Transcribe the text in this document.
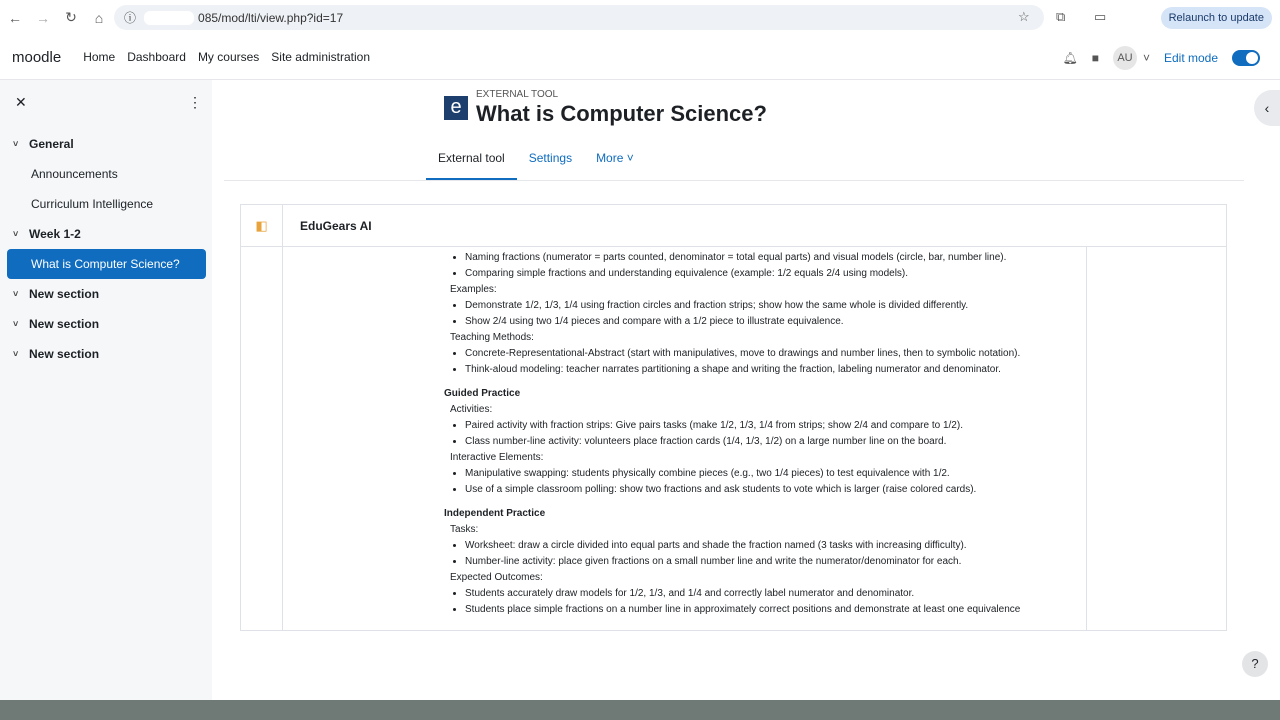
←	→	↻	⌂	ⓘ	085/mod/lti/view.php?id=17	☆ ⧉ ▭	Relaunch to update
moodle Home Dashboard My courses Site administration	🔔︎ ■	AU ˅ Edit mode
✕	⋮
˅ General
Announcements
Curriculum Intelligence
˅ Week 1-2
What is Computer Science?
˅ New section
˅ New section
˅ New section
e
EXTERNAL TOOL
What is Computer Science?
External tool	Settings	More ˅
‹
◧	EduGears AI
• Naming fractions (numerator = parts counted, denominator = total equal parts) and visual models (circle, bar, number line).
• Comparing simple fractions and understanding equivalence (example: 1/2 equals 2/4 using models).
Examples:
• Demonstrate 1/2, 1/3, 1/4 using fraction circles and fraction strips; show how the same whole is divided differently.
• Show 2/4 using two 1/4 pieces and compare with a 1/2 piece to illustrate equivalence.
Teaching Methods:
• Concrete-Representational-Abstract (start with manipulatives, move to drawings and number lines, then to symbolic notation).
• Think-aloud modeling: teacher narrates partitioning a shape and writing the fraction, labeling numerator and denominator.
Guided Practice
Activities:
• Paired activity with fraction strips: Give pairs tasks (make 1/2, 1/3, 1/4 from strips; show 2/4 and compare to 1/2).
• Class number-line activity: volunteers place fraction cards (1/4, 1/3, 1/2) on a large number line on the board.
Interactive Elements:
• Manipulative swapping: students physically combine pieces (e.g., two 1/4 pieces) to test equivalence with 1/2.
• Use of a simple classroom polling: show two fractions and ask students to vote which is larger (raise colored cards).
Independent Practice
Tasks:
• Worksheet: draw a circle divided into equal parts and shade the fraction named (3 tasks with increasing difficulty).
• Number-line activity: place given fractions on a small number line and write the numerator/denominator for each.
Expected Outcomes:
• Students accurately draw models for 1/2, 1/3, and 1/4 and correctly label numerator and denominator.
• Students place simple fractions on a number line in approximately correct positions and demonstrate at least one equivalence
?
